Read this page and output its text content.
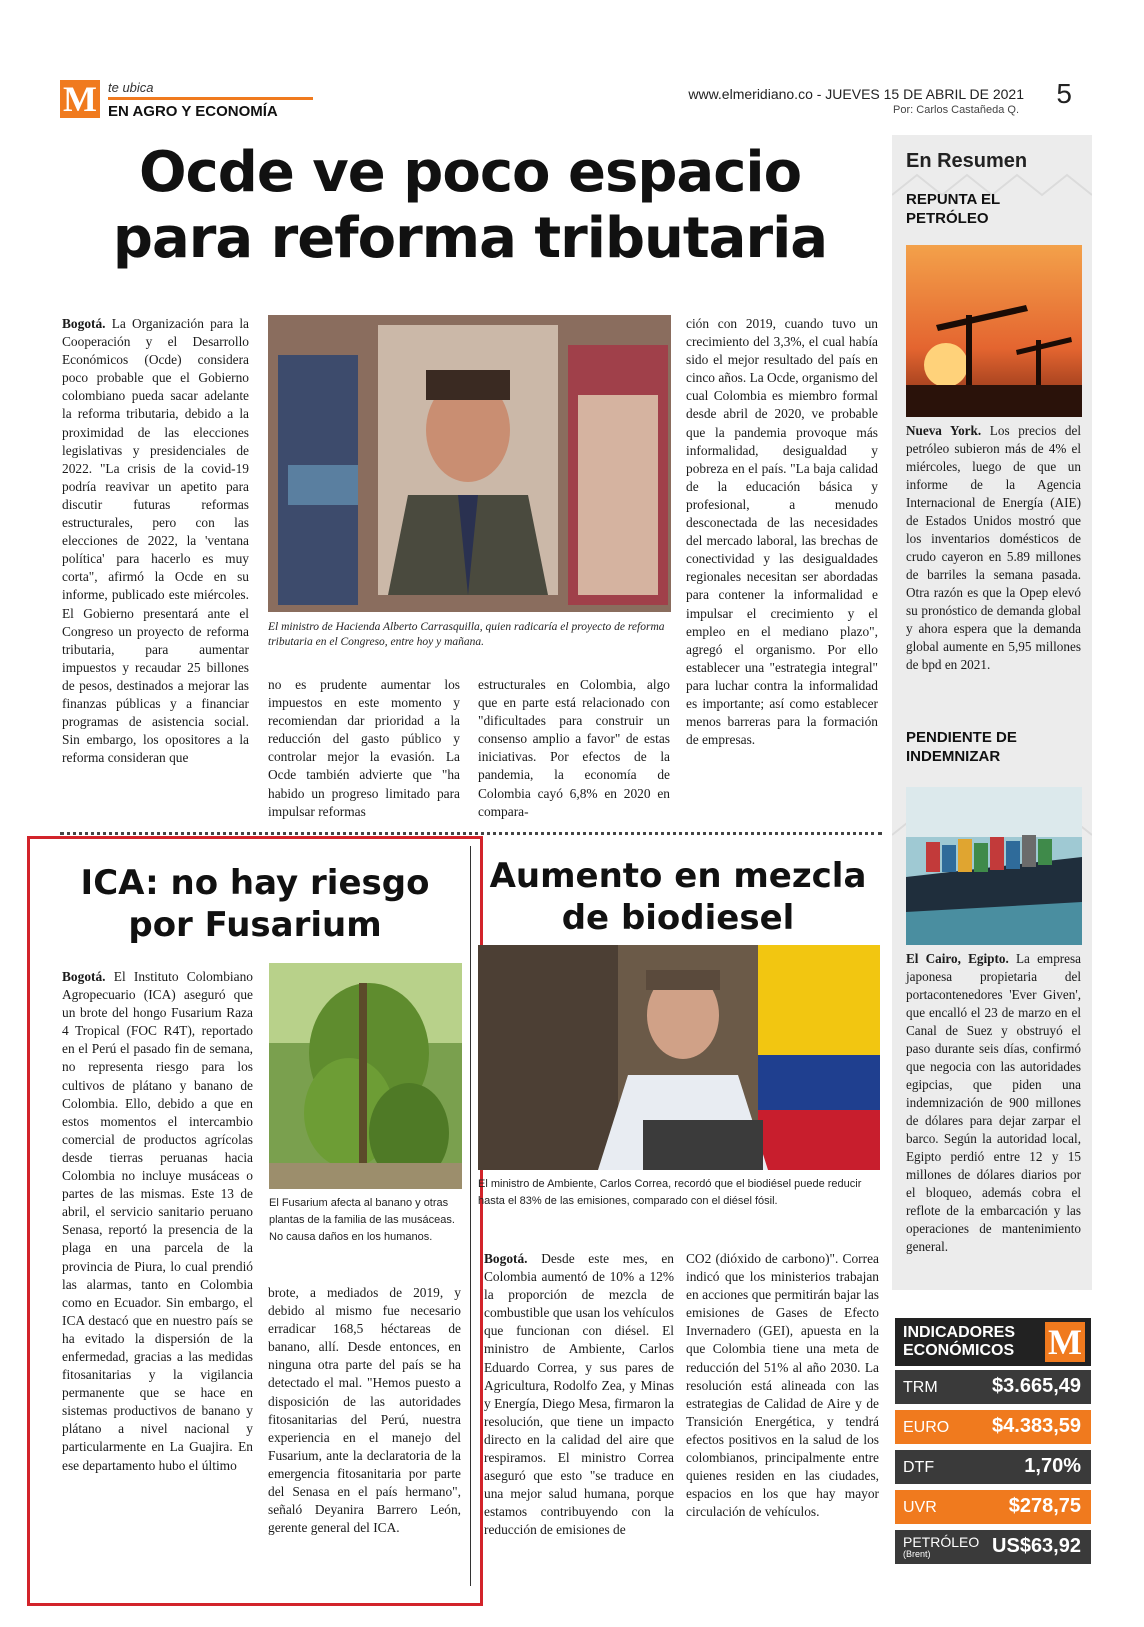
M te ubica
EN AGRO Y ECONOMÍA
www.elmeridiano.co - JUEVES 15 DE ABRIL DE 2021
Por: Carlos Castañeda Q.
5
Ocde ve poco espacio
para reforma tributaria
Bogotá. La Organización para la Cooperación y el Desarrollo Económicos (Ocde) considera poco probable que el Gobierno colombiano pueda sacar adelante la reforma tributaria, debido a la proximidad de las elecciones legislativas y presidenciales de 2022. "La crisis de la covid-19 podría reavivar un apetito para discutir futuras reformas estructurales, pero con las elecciones de 2022, la 'ventana política' para hacerlo es muy corta", afirmó la Ocde en su informe, publicado este miércoles. El Gobierno presentará ante el Congreso un proyecto de reforma tributaria, para aumentar impuestos y recaudar 25 billones de pesos, destinados a mejorar las finanzas públicas y a financiar programas de asistencia social. Sin embargo, los opositores a la reforma consideran que
El ministro de Hacienda Alberto Carrasquilla, quien radicaría el proyecto de reforma tributaria en el Congreso, entre hoy y mañana.
no es prudente aumentar los impuestos en este momento y recomiendan dar prioridad a la reducción del gasto público y controlar mejor la evasión. La Ocde también advierte que "ha habido un progreso limitado para impulsar reformas
estructurales en Colombia, algo que en parte está relacionado con "dificultades para construir un consenso amplio a favor" de estas iniciativas. Por efectos de la pandemia, la economía de Colombia cayó 6,8% en 2020 en compara-
ción con 2019, cuando tuvo un crecimiento del 3,3%, el cual había sido el mejor resultado del país en cinco años. La Ocde, organismo del cual Colombia es miembro formal desde abril de 2020, ve probable que la pandemia provoque más informalidad, desigualdad y pobreza en el país. "La baja calidad de la educación básica y profesional, a menudo desconectada de las necesidades del mercado laboral, las brechas de conectividad y las desigualdades regionales necesitan ser abordadas para contener la informalidad e impulsar el crecimiento y el empleo en el mediano plazo", agregó el organismo. Por ello establecer una "estrategia integral" para luchar contra la informalidad es importante; así como establecer menos barreras para la formación de empresas.
ICA: no hay riesgo
por Fusarium
Bogotá. El Instituto Colombiano Agropecuario (ICA) aseguró que un brote del hongo Fusarium Raza 4 Tropical (FOC R4T), reportado en el Perú el pasado fin de semana, no representa riesgo para los cultivos de plátano y banano de Colombia. Ello, debido a que en estos momentos el intercambio comercial de productos agrícolas desde tierras peruanas hacia Colombia no incluye musáceas o partes de las mismas. Este 13 de abril, el servicio sanitario peruano Senasa, reportó la presencia de la plaga en una parcela de la provincia de Piura, lo cual prendió las alarmas, tanto en Colombia como en Ecuador. Sin embargo, el ICA destacó que en nuestro país se ha evitado la dispersión de la enfermedad, gracias a las medidas fitosanitarias y la vigilancia permanente que se hace en sistemas productivos de banano y plátano a nivel nacional y particularmente en La Guajira. En ese departamento hubo el último
El Fusarium afecta al banano y otras plantas de la familia de las musáceas. No causa daños en los humanos.
brote, a mediados de 2019, y debido al mismo fue necesario erradicar 168,5 héctareas de banano, allí. Desde entonces, en ninguna otra parte del país se ha detectado el mal. "Hemos puesto a disposición de las autoridades fitosanitarias del Perú, nuestra experiencia en el manejo del Fusarium, ante la declaratoria de la emergencia fitosanitaria por parte del Senasa en el país hermano", señaló Deyanira Barrero León, gerente general del ICA.
Aumento en mezcla
de biodiesel
El ministro de Ambiente, Carlos Correa, recordó que el biodiésel puede reducir hasta el 83% de las emisiones, comparado con el diésel fósil.
Bogotá. Desde este mes, en Colombia aumentó de 10% a 12% la proporción de mezcla de combustible que usan los vehículos que funcionan con diésel. El ministro de Ambiente, Carlos Eduardo Correa, y sus pares de Agricultura, Rodolfo Zea, y Minas y Energía, Diego Mesa, firmaron la resolución, que tiene un impacto directo en la calidad del aire que respiramos. El ministro Correa aseguró que esto "se traduce en una mejor salud humana, porque estamos contribuyendo con la reducción de emisiones de
CO2 (dióxido de carbono)". Correa indicó que los ministerios trabajan en acciones que permitirán bajar las emisiones de Gases de Efecto Invernadero (GEI), apuesta en la que Colombia tiene una meta de reducción del 51% al año 2030. La resolución está alineada con las estrategias de Calidad de Aire y de Transición Energética, y tendrá efectos positivos en la salud de los colombianos, principalmente entre quienes residen en las ciudades, espacios en los que hay mayor circulación de vehículos.
En Resumen
REPUNTA EL PETRÓLEO
Nueva York. Los precios del petróleo subieron más de 4% el miércoles, luego de que un informe de la Agencia Internacional de Energía (AIE) de Estados Unidos mostró que los inventarios domésticos de crudo cayeron en 5.89 millones de barriles la semana pasada. Otra razón es que la Opep elevó su pronóstico de demanda global y ahora espera que la demanda global aumente en 5,95 millones de bpd en 2021.
PENDIENTE DE INDEMNIZAR
El Cairo, Egipto. La empresa japonesa propietaria del portacontenedores 'Ever Given', que encalló el 23 de marzo en el Canal de Suez y obstruyó el paso durante seis días, confirmó que negocia con las autoridades egipcias, que piden una indemnización de 900 millones de dólares para dejar zarpar el barco. Según la autoridad local, Egipto perdió entre 12 y 15 millones de dólares diarios por el bloqueo, además cobra el reflote de la embarcación y las operaciones de mantenimiento general.
INDICADORES ECONÓMICOS M
TRM	$3.665,49
EURO $4.383,59
DTF	1,70%
UVR	$278,75
PETRÓLEO
(Brent)	US$63,92
